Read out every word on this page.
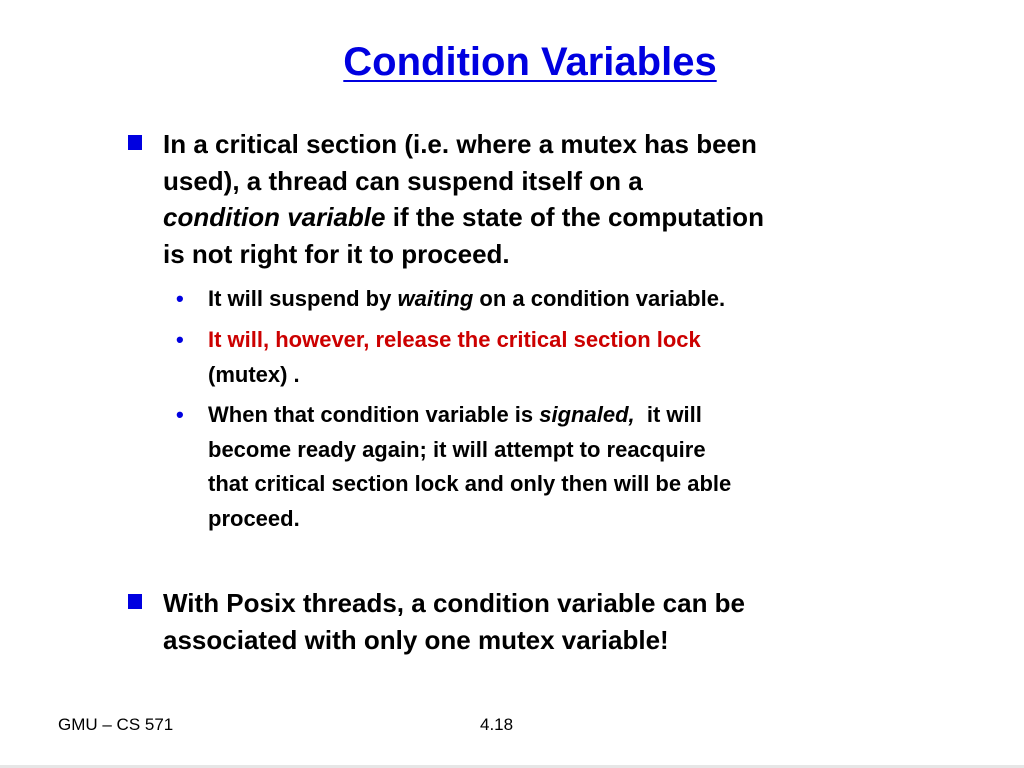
Condition Variables
In a critical section (i.e. where a mutex has been
used), a thread can suspend itself on a
condition variable if the state of the computation
is not right for it to proceed.
• It will suspend by waiting on a condition variable.
• It will, however, release the critical section lock
(mutex) .
• When that condition variable is signaled,  it will
become ready again; it will attempt to reacquire
that critical section lock and only then will be able
proceed.
With Posix threads, a condition variable can be
associated with only one mutex variable!
GMU – CS 571	4.18
